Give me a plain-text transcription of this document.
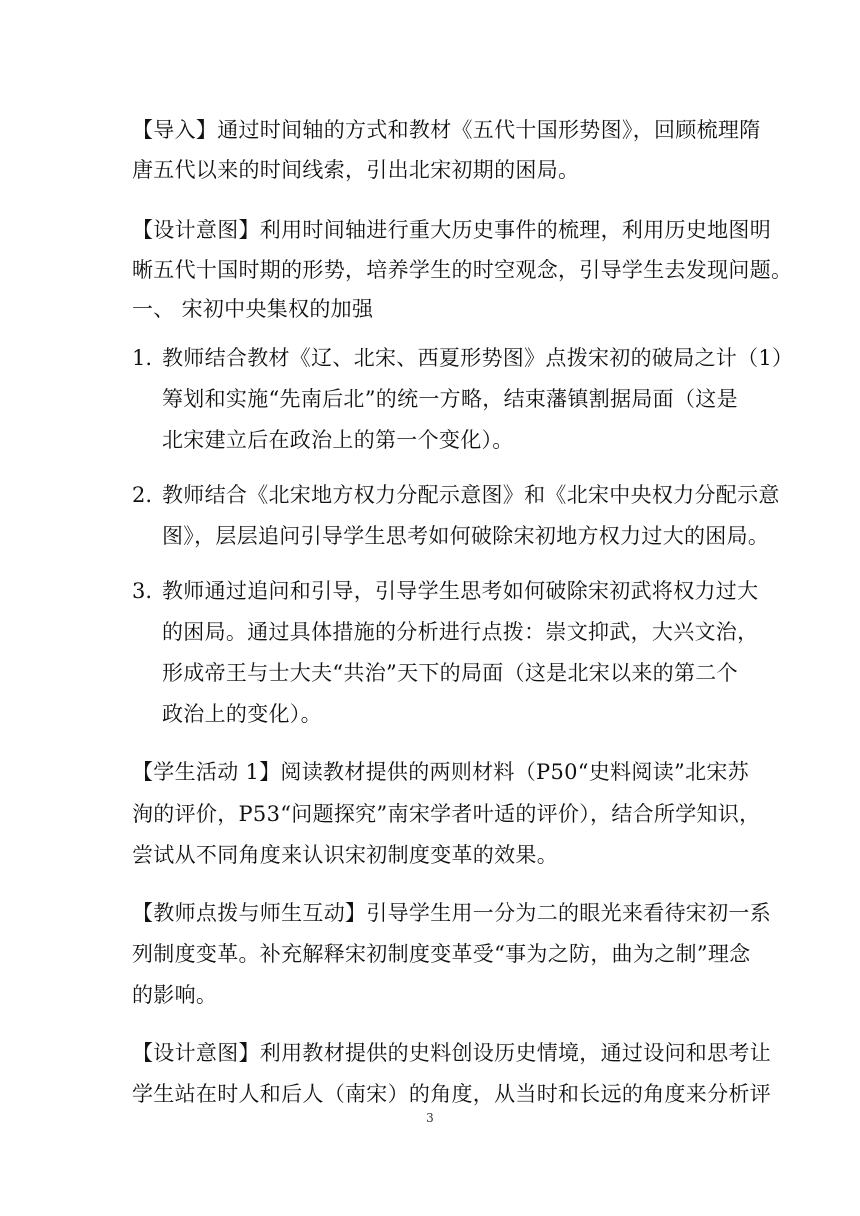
【导入】通过时间轴的方式和教材《五代十国形势图》，回顾梳理隋
唐五代以来的时间线索，引出北宋初期的困局。
【设计意图】利用时间轴进行重大历史事件的梳理，利用历史地图明
晰五代十国时期的形势，培养学生的时空观念，引导学生去发现问题。
一、 宋初中央集权的加强
1. 教师结合教材《辽、北宋、西夏形势图》点拨宋初的破局之计（1）
筹划和实施“先南后北”的统一方略，结束藩镇割据局面（这是
北宋建立后在政治上的第一个变化）。
2. 教师结合《北宋地方权力分配示意图》和《北宋中央权力分配示意
图》，层层追问引导学生思考如何破除宋初地方权力过大的困局。
3. 教师通过追问和引导，引导学生思考如何破除宋初武将权力过大
的困局。通过具体措施的分析进行点拨：崇文抑武，大兴文治，
形成帝王与士大夫“共治”天下的局面（这是北宋以来的第二个
政治上的变化）。
【学生活动 1】阅读教材提供的两则材料（P50“史料阅读”北宋苏
洵的评价，P53“问题探究”南宋学者叶适的评价），结合所学知识，
尝试从不同角度来认识宋初制度变革的效果。
【教师点拨与师生互动】引导学生用一分为二的眼光来看待宋初一系
列制度变革。补充解释宋初制度变革受“事为之防，曲为之制”理念
的影响。
【设计意图】利用教材提供的史料创设历史情境，通过设问和思考让
学生站在时人和后人（南宋）的角度，从当时和长远的角度来分析评
3
